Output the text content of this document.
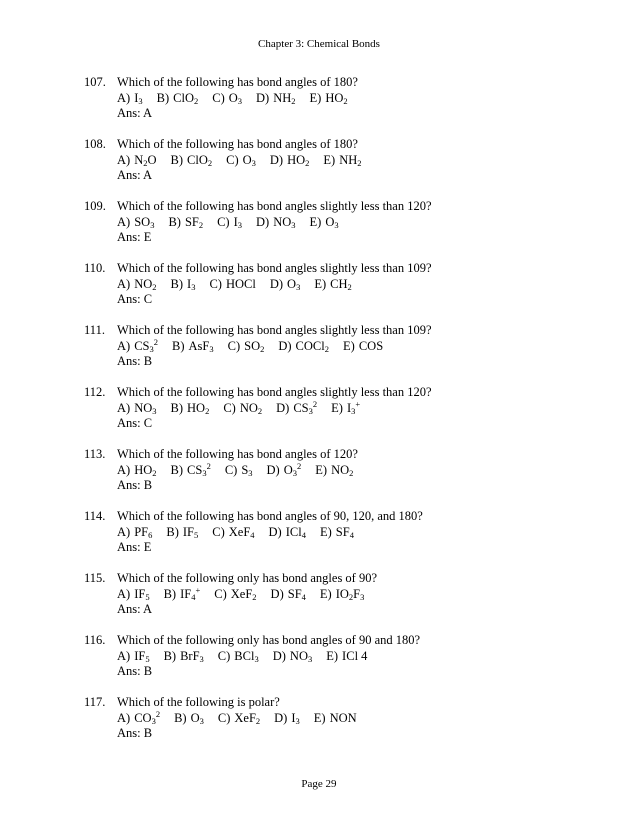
Chapter 3: Chemical Bonds
107. Which of the following has bond angles of 180?
A) $I_3$ B) ClO$_2$ C) $O_3$ D) $NH_2$ E) $HO_2$
Ans: A
108. Which of the following has bond angles of 180?
A) $N_2O$ B) ClO$_2$ C) $O_3$ D) $HO_2$ E) $NH_2$
Ans: A
109. Which of the following has bond angles slightly less than 120?
A) $SO_3$ B) $SF_2$ C) $I_3$ D) $NO_3$ E) $O_3$
Ans: E
110. Which of the following has bond angles slightly less than 109?
A) $NO_2$ B) $I_3$ C) HOCl D) $O_3$ E) $CH_2$
Ans: C
111. Which of the following has bond angles slightly less than 109?
A) $CS_3^2$ B) AsF$_3$ C) $SO_2$ D) COCl$_2$ E) COS
Ans: B
112. Which of the following has bond angles slightly less than 120?
A) $NO_3$ B) $HO_2$ C) $NO_2$ D) $CS_3^2$ E) $I_3^+$
Ans: C
113. Which of the following has bond angles of 120?
A) $HO_2$ B) $CS_3^2$ C) $S_3$ D) $O_3^2$ E) $NO_2$
Ans: B
114. Which of the following has bond angles of 90, 120, and 180?
A) $PF_6$ B) $IF_5$ C) XeF$_4$ D) ICl$_4$ E) $SF_4$
Ans: E
115. Which of the following only has bond angles of 90?
A) $IF_5$ B) $IF_4^+$ C) XeF$_2$ D) $SF_4$ E) $IO_2F_3$
Ans: A
116. Which of the following only has bond angles of 90 and 180?
A) $IF_5$ B) BrF$_3$ C) BCl$_3$ D) $NO_3$ E) ICl 4
Ans: B
117. Which of the following is polar?
A) $CO_3^2$ B) $O_3$ C) XeF$_2$ D) $I_3$ E) NON
Ans: B
Page 29
